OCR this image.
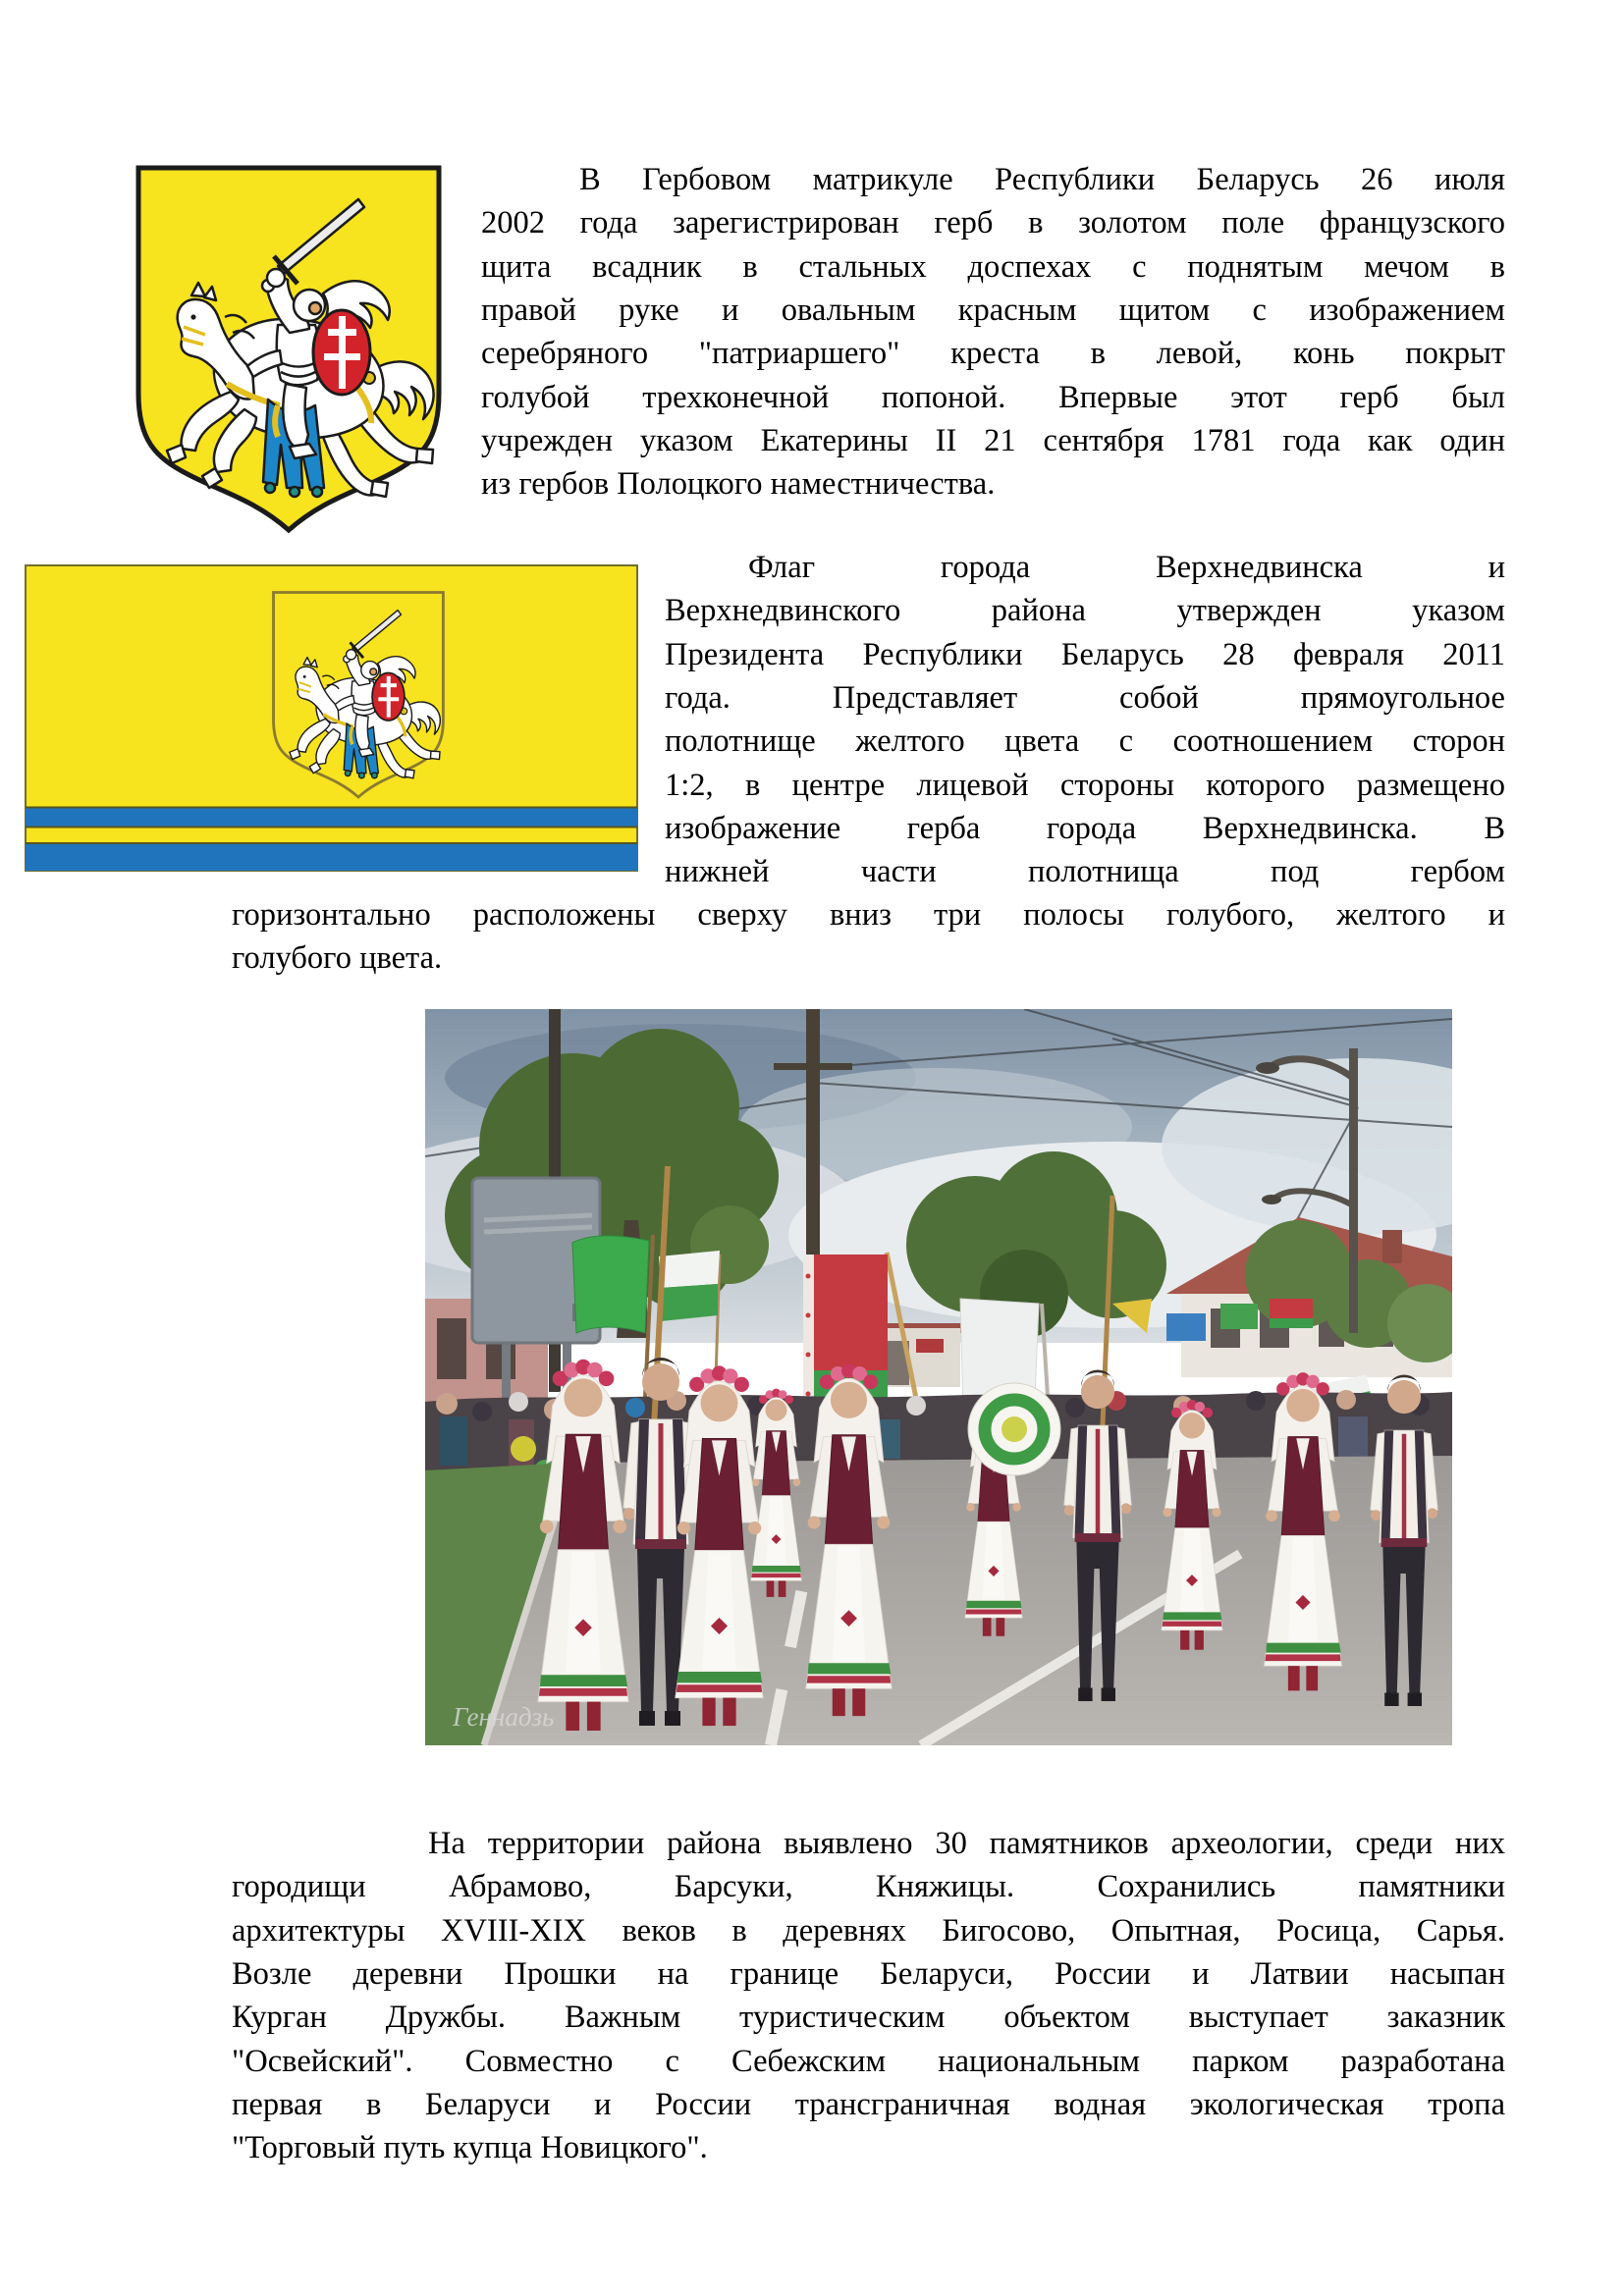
В Гербовом матрикуле Республики Беларусь 26 июля
2002 года зарегистрирован герб в золотом поле французского
щита всадник в стальных доспехах с поднятым мечом в
правой руке и овальным красным щитом с изображением
серебряного "патриаршего" креста в левой, конь покрыт
голубой трехконечной попоной. Впервые этот герб был
учрежден указом Екатерины II 21 сентября 1781 года как один
из гербов Полоцкого наместничества.
Флаг города Верхнедвинска и
Верхнедвинского района утвержден указом
Президента Республики Беларусь 28 февраля 2011
года. Представляет собой прямоугольное
полотнище желтого цвета с соотношением сторон
1:2, в центре лицевой стороны которого размещено
изображение герба города Верхнедвинска. В
нижней части полотнища под гербом
горизонтально расположены сверху вниз три полосы голубого, желтого и
голубого цвета.
Геннадзь
На территории района выявлено 30 памятников археологии, среди них
городищи Абрамово, Барсуки, Княжицы. Сохранились памятники
архитектуры XVIII-XIX веков в деревнях Бигосово, Опытная, Росица, Сарья.
Возле деревни Прошки на границе Беларуси, России и Латвии насыпан
Курган Дружбы. Важным туристическим объектом выступает заказник
"Освейский". Совместно с Себежским национальным парком разработана
первая в Беларуси и России трансграничная водная экологическая тропа
"Торговый путь купца Новицкого".
